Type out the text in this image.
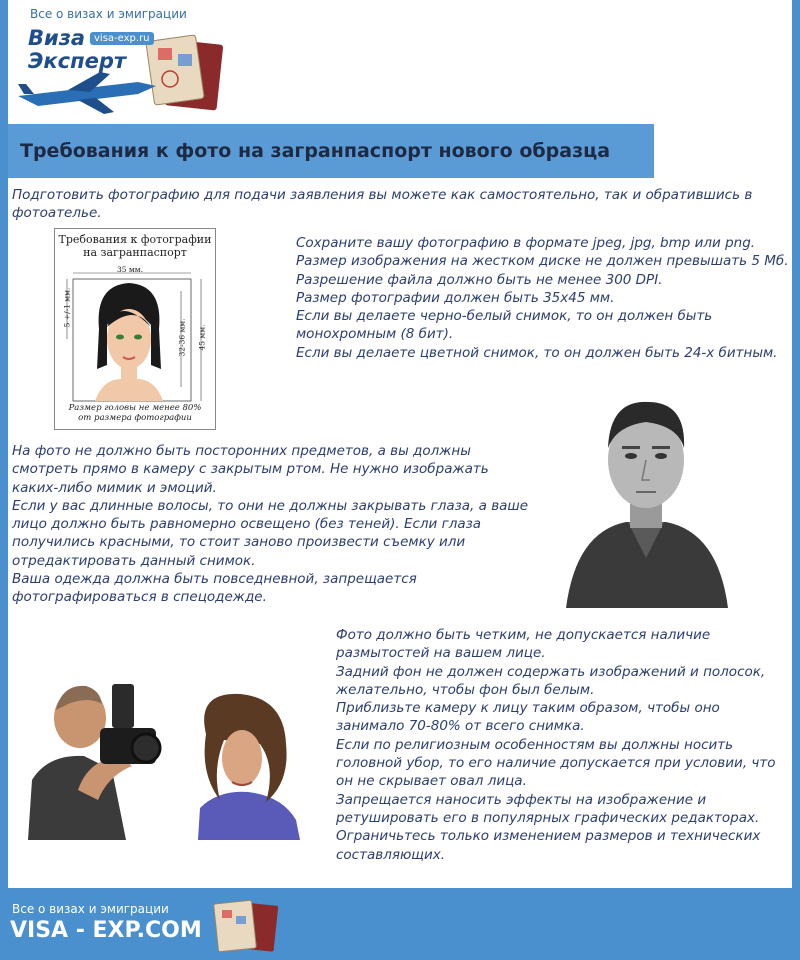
Все о визах и эмиграции
Виза
Эксперт
visa-exp.ru
Требования к фото на загранпаспорт нового образца
Подготовить фотографию для подачи заявления вы можете как самостоятельно, так и обратившись в
фотоателье.
Требования к фотографии
на загранпаспорт
35 мм.
5 +/-1 мм.
32-36 мм. 45 мм.
Размер головы не менее 80%
от размера фотографии
Сохраните вашу фотографию в формате jpeg, jpg, bmp или png.
Размер изображения на жестком диске не должен превышать 5 Мб.
Разрешение файла должно быть не менее 300 DPI.
Размер фотографии должен быть 35х45 мм.
Если вы делаете черно-белый снимок, то он должен быть
монохромным (8 бит).
Если вы делаете цветной снимок, то он должен быть 24-х битным.
На фото не должно быть посторонних предметов, а вы должны
смотреть прямо в камеру с закрытым ртом. Не нужно изображать
каких-либо мимик и эмоций.
Если у вас длинные волосы, то они не должны закрывать глаза, а ваше
лицо должно быть равномерно освещено (без теней). Если глаза
получились красными, то стоит заново произвести съемку или
отредактировать данный снимок.
Ваша одежда должна быть повседневной, запрещается
фотографироваться в спецодежде.
Фото должно быть четким, не допускается наличие
размытостей на вашем лице.
Задний фон не должен содержать изображений и полосок,
желательно, чтобы фон был белым.
Приблизьте камеру к лицу таким образом, чтобы оно
занимало 70-80% от всего снимка.
Если по религиозным особенностям вы должны носить
головной убор, то его наличие допускается при условии, что
он не скрывает овал лица.
Запрещается наносить эффекты на изображение и
ретушировать его в популярных графических редакторах.
Ограничьтесь только изменением размеров и технических
составляющих.
Все о визах и эмиграции
VISA - EXP.COM
